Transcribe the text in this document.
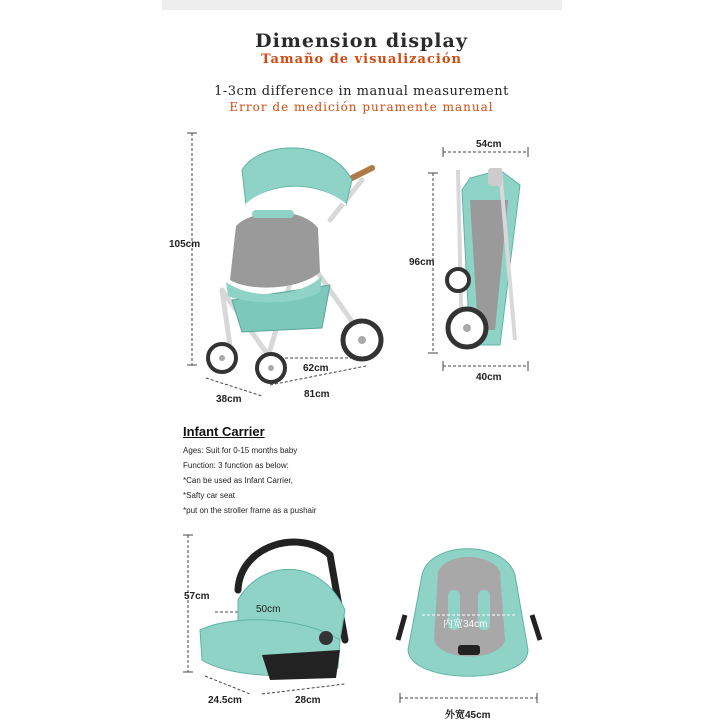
Dimension display
Tamaño de visualización
1-3cm difference in manual measurement
Error de medición puramente manual
105cm
38cm	81cm
62cm
54cm
96cm
40cm
Infant Carrier
Ages: Suit for 0-15 months baby
Function: 3 function as below:
*Can be used as Infant Carrier,
*Safty car seat
*put on the stroller frame as a pushair
57cm
50cm
24.5cm	28cm
内宽34cm
外宽45cm
